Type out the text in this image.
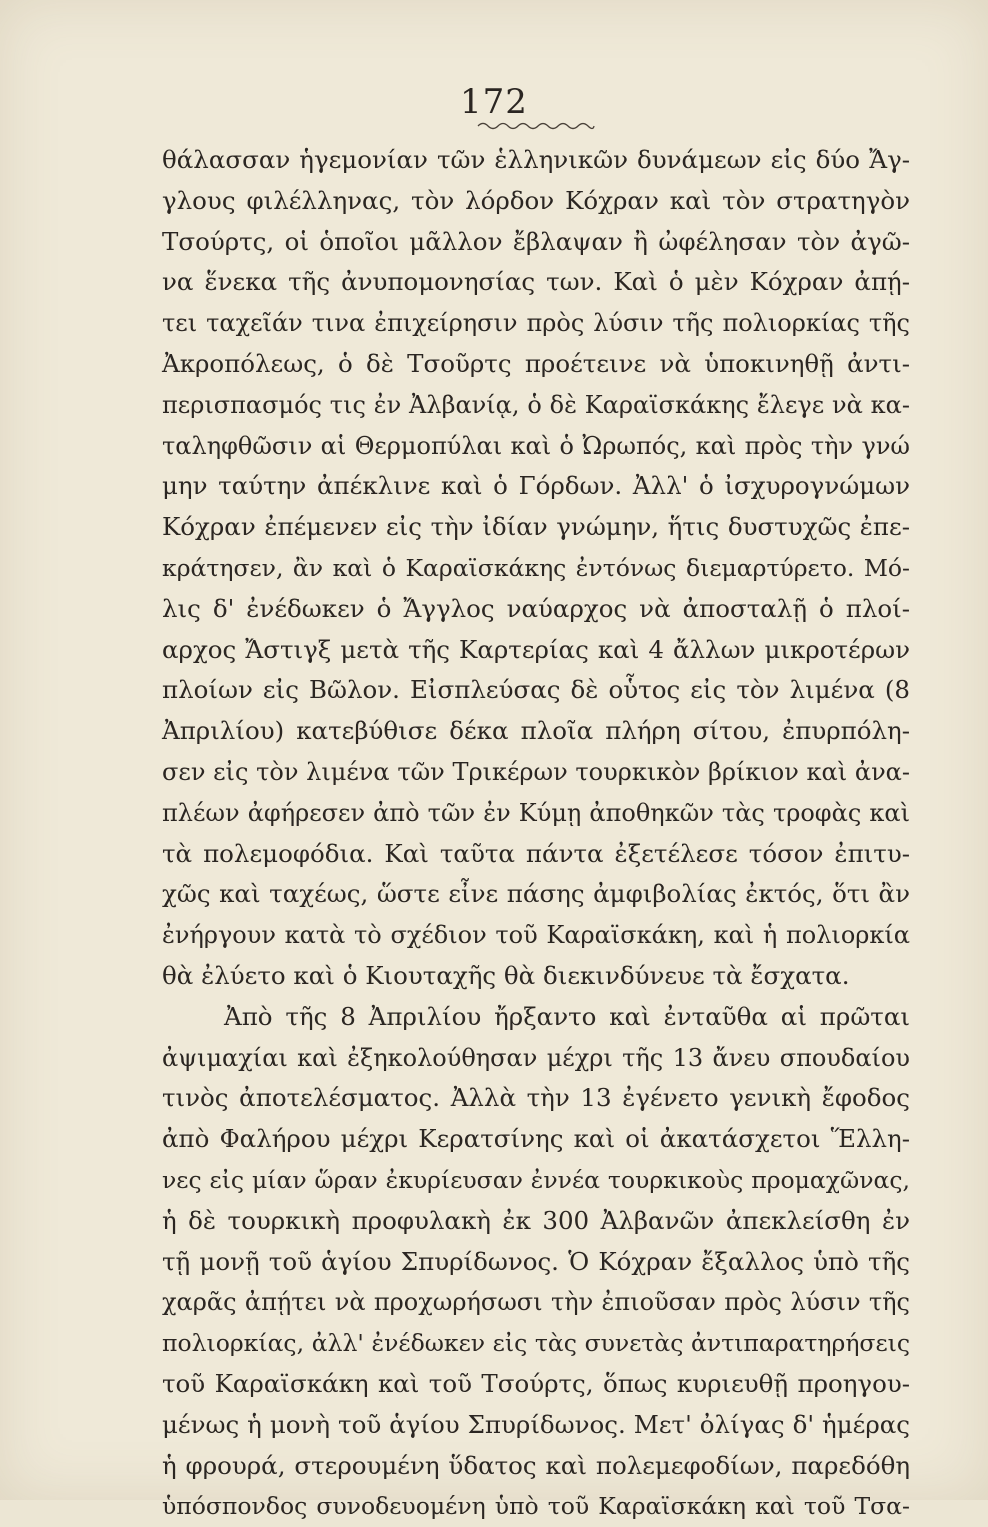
172
θάλασσαν ἡγεμονίαν τῶν ἑλληνικῶν δυνάμεων εἰς δύο Ἄγ-
γλους φιλέλληνας, τὸν λόρδον Κόχραν καὶ τὸν στρατηγὸν
Τσούρτς, οἱ ὁποῖοι μᾶλλον ἔβλαψαν ἢ ὠφέλησαν τὸν ἀγῶ-
να ἕνεκα τῆς ἀνυπομονησίας των. Καὶ ὁ μὲν Κόχραν ἀπῄ-
τει ταχεῖάν τινα ἐπιχείρησιν πρὸς λύσιν τῆς πολιορκίας τῆς
Ἀκροπόλεως, ὁ δὲ Τσοῦρτς προέτεινε νὰ ὑποκινηθῇ ἀντι-
περισπασμός τις ἐν Ἀλβανίᾳ, ὁ δὲ Καραϊσκάκης ἔλεγε νὰ κα-
ταληφθῶσιν αἱ Θερμοπύλαι καὶ ὁ Ὠρωπός, καὶ πρὸς τὴν γνώ
μην ταύτην ἀπέκλινε καὶ ὁ Γόρδων. Ἀλλ' ὁ ἰσχυρογνώμων
Κόχραν ἐπέμενεν εἰς τὴν ἰδίαν γνώμην, ἥτις δυστυχῶς ἐπε-
κράτησεν, ἂν καὶ ὁ Καραϊσκάκης ἐντόνως διεμαρτύρετο. Μό-
λις δ' ἐνέδωκεν ὁ Ἄγγλος ναύαρχος νὰ ἀποσταλῇ ὁ πλοί-
αρχος Ἄστιγξ μετὰ τῆς Καρτερίας καὶ 4 ἄλλων μικροτέρων
πλοίων εἰς Βῶλον. Εἰσπλεύσας δὲ οὗτος εἰς τὸν λιμένα (8
Ἀπριλίου) κατεβύθισε δέκα πλοῖα πλήρη σίτου, ἐπυρπόλη-
σεν εἰς τὸν λιμένα τῶν Τρικέρων τουρκικὸν βρίκιον καὶ ἀνα-
πλέων ἀφήρεσεν ἀπὸ τῶν ἐν Κύμῃ ἀποθηκῶν τὰς τροφὰς καὶ
τὰ πολεμοφόδια. Καὶ ταῦτα πάντα ἐξετέλεσε τόσον ἐπιτυ-
χῶς καὶ ταχέως, ὥστε εἶνε πάσης ἀμφιβολίας ἐκτός, ὅτι ἂν
ἐνήργουν κατὰ τὸ σχέδιον τοῦ Καραϊσκάκη, καὶ ἡ πολιορκία
θὰ ἐλύετο καὶ ὁ Κιουταχῆς θὰ διεκινδύνευε τὰ ἔσχατα.
Ἀπὸ τῆς 8 Ἀπριλίου ἤρξαντο καὶ ἐνταῦθα αἱ πρῶται
ἀψιμαχίαι καὶ ἐξηκολούθησαν μέχρι τῆς 13 ἄνευ σπουδαίου
τινὸς ἀποτελέσματος. Ἀλλὰ τὴν 13 ἐγένετο γενικὴ ἔφοδος
ἀπὸ Φαλήρου μέχρι Κερατσίνης καὶ οἱ ἀκατάσχετοι Ἕλλη-
νες εἰς μίαν ὥραν ἐκυρίευσαν ἐννέα τουρκικοὺς προμαχῶνας,
ἡ δὲ τουρκικὴ προφυλακὴ ἐκ 300 Ἀλβανῶν ἀπεκλείσθη ἐν
τῇ μονῇ τοῦ ἁγίου Σπυρίδωνος. Ὁ Κόχραν ἔξαλλος ὑπὸ τῆς
χαρᾶς ἀπῄτει νὰ προχωρήσωσι τὴν ἐπιοῦσαν πρὸς λύσιν τῆς
πολιορκίας, ἀλλ' ἐνέδωκεν εἰς τὰς συνετὰς ἀντιπαρατηρήσεις
τοῦ Καραϊσκάκη καὶ τοῦ Τσούρτς, ὅπως κυριευθῇ προηγου-
μένως ἡ μονὴ τοῦ ἁγίου Σπυρίδωνος. Μετ' ὀλίγας δ' ἡμέρας
ἡ φρουρά, στερουμένη ὕδατος καὶ πολεμεφοδίων, παρεδόθη
ὑπόσπονδος συνοδευομένη ὑπὸ τοῦ Καραϊσκάκη καὶ τοῦ Τσα-
